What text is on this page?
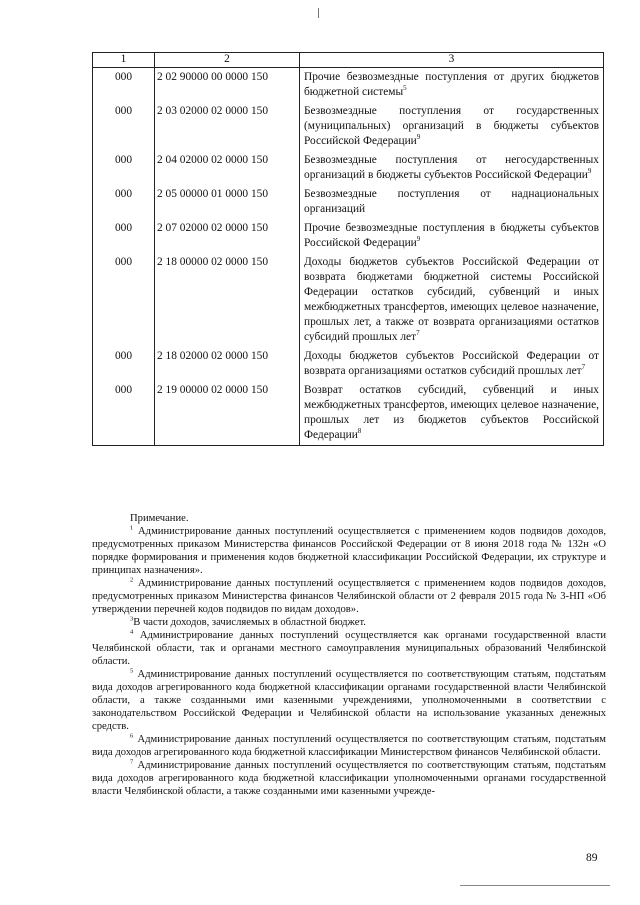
1	2	3
000	2 02 90000 00 0000 150	Прочие безвозмездные поступления от других бюджетов бюджетной системы$^5$
000	2 03 02000 02 0000 150	Безвозмездные поступления от государственных (муниципальных) организаций в бюджеты субъектов Российской Федерации$^9$
000	2 04 02000 02 0000 150	Безвозмездные поступления от негосударственных организаций в бюджеты субъектов Российской Федерации$^9$
000	2 05 00000 01 0000 150	Безвозмездные поступления от наднациональных организаций
000	2 07 02000 02 0000 150	Прочие безвозмездные поступления в бюджеты субъектов Российской Федерации$^9$
000	2 18 00000 02 0000 150	Доходы бюджетов субъектов Российской Федерации от возврата бюджетами бюджетной системы Российской Федерации остатков субсидий, субвенций и иных межбюджетных трансфертов, имеющих целевое назначение, прошлых лет, а также от возврата организациями остатков субсидий прошлых лет$^7$
000	2 18 02000 02 0000 150	Доходы бюджетов субъектов Российской Федерации от возврата организациями остатков субсидий прошлых лет$^7$
000	2 19 00000 02 0000 150	Возврат остатков субсидий, субвенций и иных межбюджетных трансфертов, имеющих целевое назначение, прошлых лет из бюджетов субъектов Российской Федерации$^8$
Примечание.

$^1$ Администрирование данных поступлений осуществляется с применением кодов подвидов доходов, предусмотренных приказом Министерства финансов Российской Федерации от 8 июня 2018 года № 132н «О порядке формирования и применения кодов бюджетной классификации Российской Федерации, их структуре и принципах назначения».

$^2$ Администрирование данных поступлений осуществляется с применением кодов подвидов доходов, предусмотренных приказом Министерства финансов Челябинской области от 2 февраля 2015 года № 3-НП «Об утверждении перечней кодов подвидов по видам доходов».

$^3$В части доходов, зачисляемых в областной бюджет.

$^4$ Администрирование данных поступлений осуществляется как органами государственной власти Челябинской области, так и органами местного самоуправления муниципальных образований Челябинской области.

$^5$ Администрирование данных поступлений осуществляется по соответствующим статьям, подстатьям вида доходов агрегированного кода бюджетной классификации органами государственной власти Челябинской области, а также созданными ими казенными учреждениями, уполномоченными в соответствии с законодательством Российской Федерации и Челябинской области на использование указанных денежных средств.

$^6$ Администрирование данных поступлений осуществляется по соответствующим статьям, подстатьям вида доходов агрегированного кода бюджетной классификации Министерством финансов Челябинской области.

$^7$ Администрирование данных поступлений осуществляется по соответствующим статьям, подстатьям вида доходов агрегированного кода бюджетной классификации уполномоченными органами государственной власти Челябинской области, а также созданными ими казенными учрежде-

89
